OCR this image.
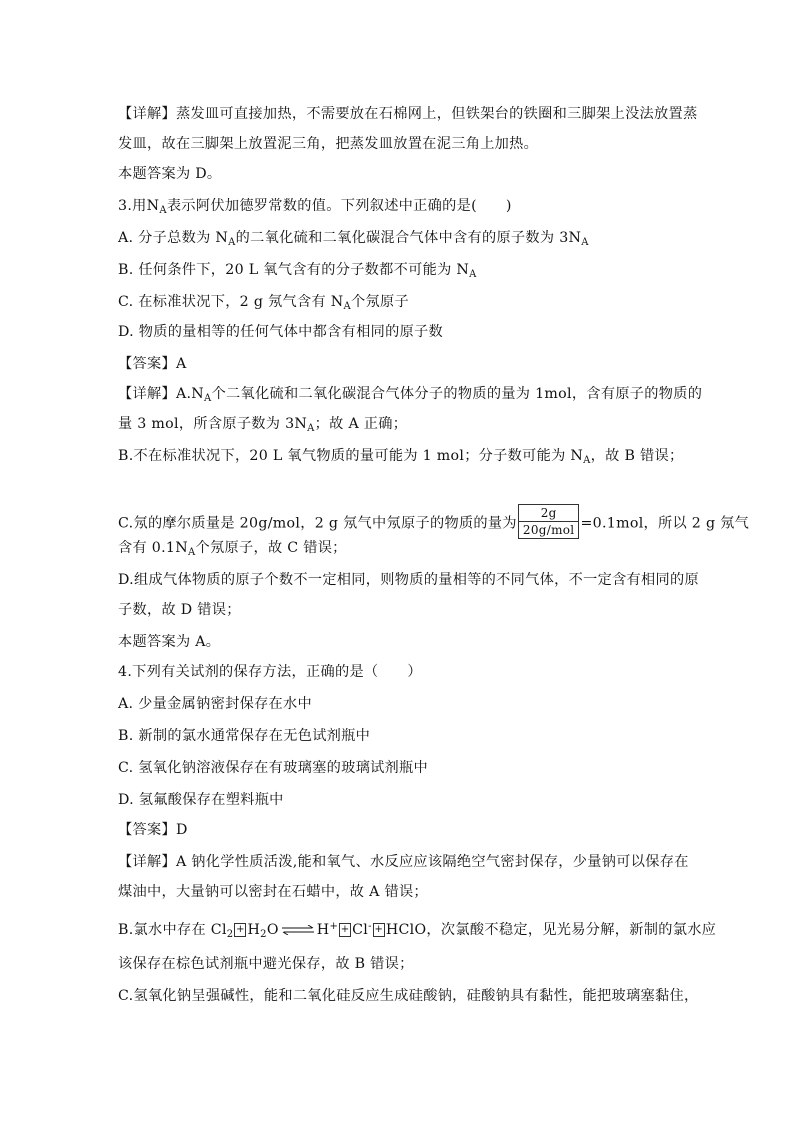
【详解】蒸发皿可直接加热，不需要放在石棉网上，但铁架台的铁圈和三脚架上没法放置蒸
发皿，故在三脚架上放置泥三角，把蒸发皿放置在泥三角上加热。
本题答案为 D。
3.用$N_A$表示阿伏加德罗常数的值。下列叙述中正确的是(　　)
A. 分子总数为 $N_A$的二氧化硫和二氧化碳混合气体中含有的原子数为 $3N_A$
B. 任何条件下，20 L 氧气含有的分子数都不可能为 $N_A$
C. 在标准状况下，2 g 氖气含有 $N_A$个氖原子
D. 物质的量相等的任何气体中都含有相同的原子数
【答案】A
【详解】$A.N_A$个二氧化硫和二氧化碳混合气体分子的物质的量为 1mol，含有原子的物质的
量 3 mol，所含原子数为 $3N_A$；故 A 正确；
B.不在标准状况下，20 L 氧气物质的量可能为 1 mol；分子数可能为 $N_A$，故 B 错误；
C.氖的摩尔质量是 20g/mol，2 g 氖气中氖原子的物质的量为 $\frac{2g}{\text{20g/mol}} =0.1mol$，所以 2 g 氖气
含有 $0.1N_A$个氖原子，故 C 错误；
D.组成气体物质的原子个数不一定相同，则物质的量相等的不同气体，不一定含有相同的原
子数，故 D 错误；
本题答案为 A。
4.下列有关试剂的保存方法，正确的是（　　）
A. 少量金属钠密封保存在水中
B. 新制的氯水通常保存在无色试剂瓶中
C. 氢氧化钠溶液保存在有玻璃塞的玻璃试剂瓶中
D. 氢氟酸保存在塑料瓶中
【答案】D
【详解】A 钠化学性质活泼,能和氧气、水反应应该隔绝空气密封保存，少量钠可以保存在
煤油中，大量钠可以密封在石蜡中，故 A 错误；
B.氯水中存在 $Cl_2 + H_2O$ ⇌ H+ + Cl- + HClO，次氯酸不稳定，见光易分解，新制的氯水应
该保存在棕色试剂瓶中避光保存，故 B 错误；
C.氢氧化钠呈强碱性，能和二氧化硅反应生成硅酸钠，硅酸钠具有黏性，能把玻璃塞黏住，
